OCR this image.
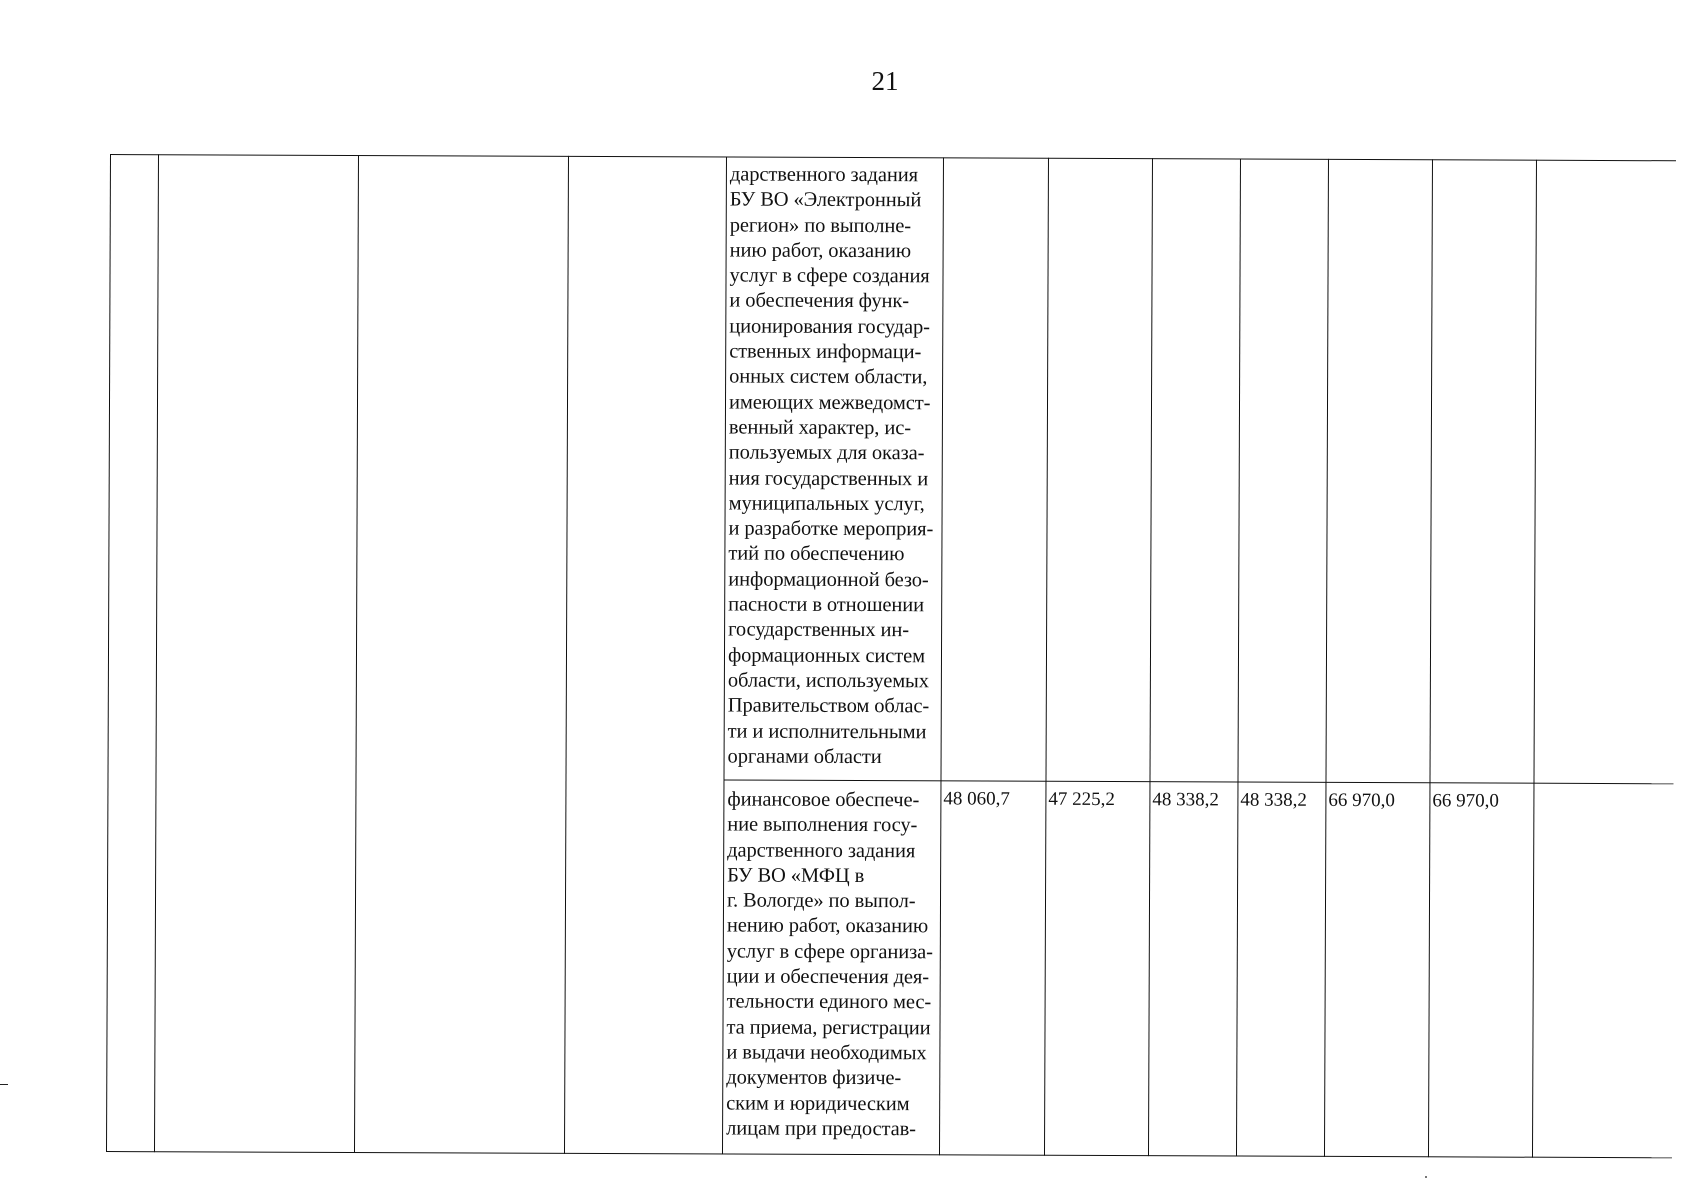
21
дарственного задания
БУ ВО «Электронный
регион» по выполне-
нию работ, оказанию
услуг в сфере создания
и обеспечения функ-
ционирования государ-
ственных информаци-
онных систем области,
имеющих межведомст-
венный характер, ис-
пользуемых для оказа-
ния государственных и
муниципальных услуг,
и разработке мероприя-
тий по обеспечению
информационной безо-
пасности в отношении
государственных ин-
формационных систем
области, используемых
Правительством облас-
ти и исполнительными
органами области
финансовое обеспече-
ние выполнения госу-
дарственного задания
БУ ВО «МФЦ в
г. Вологде» по выпол-
нению работ, оказанию
услуг в сфере организа-
ции и обеспечения дея-
тельности единого мес-
та приема, регистрации
и выдачи необходимых
документов физиче-
ским и юридическим
лицам при предостав-
48 060,7 47 225,2 48 338,2 48 338,2 66 970,0 66 970,0
